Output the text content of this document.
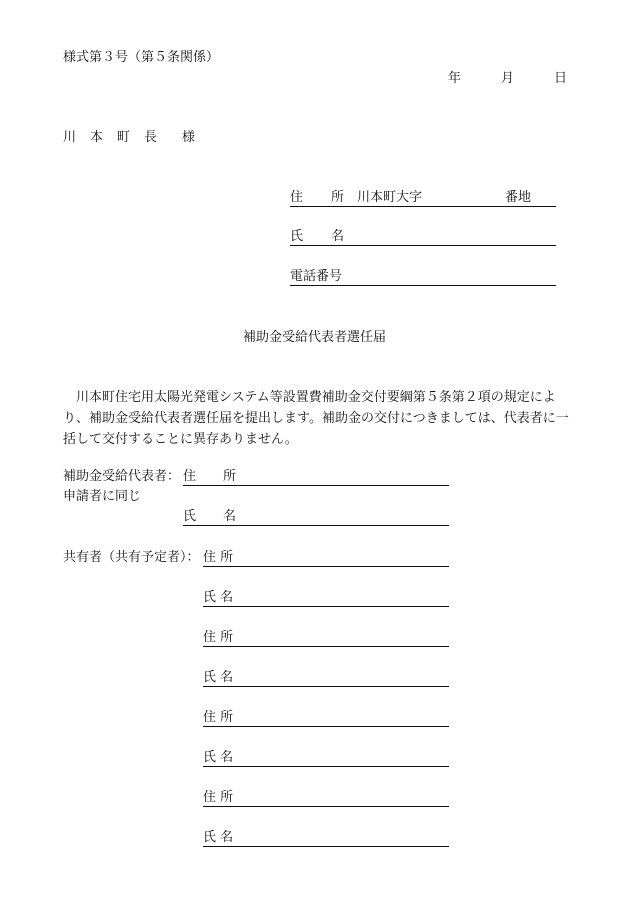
様式第３号（第５条関係）
年	月	日
川 本 町 長 様
住 所 川本町大字	番地
氏 名
電話番号
補助金受給代表者選任届
　川本町住宅用太陽光発電システム等設置費補助金交付要綱第５条第２項の規定により、補助金受給代表者選任届を提出します。補助金の交付につきましては、代表者に一括して交付することに異存ありません。
補助金受給代表者： 住 所
申請者に同じ
氏 名
共有者（共有予定者）： 住 所
氏 名
住 所
氏 名
住 所
氏 名
住 所
氏 名
